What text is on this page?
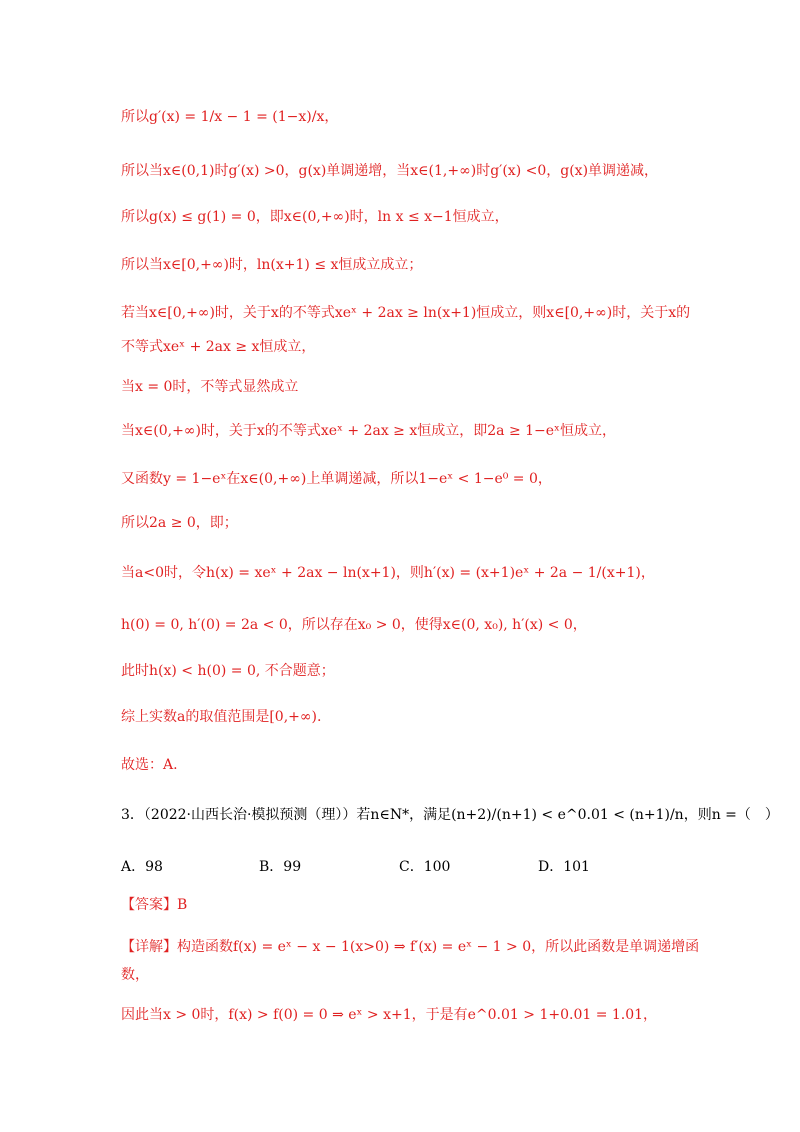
所以g′(x) = 1/x − 1 = (1−x)/x，
所以当x∈(0,1)时g′(x) >0，g(x)单调递增，当x∈(1,+∞)时g′(x) <0，g(x)单调递减，
所以g(x) ≤ g(1) = 0，即x∈(0,+∞)时，ln x ≤ x−1恒成立，
所以当x∈[0,+∞)时，ln(x+1) ≤ x恒成立成立；
若当x∈[0,+∞)时，关于x的不等式xeˣ + 2ax ≥ ln(x+1)恒成立，则x∈[0,+∞)时，关于x的
不等式xeˣ + 2ax ≥ x恒成立，
当x = 0时，不等式显然成立
当x∈(0,+∞)时，关于x的不等式xeˣ + 2ax ≥ x恒成立，即2a ≥ 1−eˣ恒成立，
又函数y = 1−eˣ在x∈(0,+∞)上单调递减，所以1−eˣ < 1−e⁰ = 0，
所以2a ≥ 0，即；
当a<0时，令h(x) = xeˣ + 2ax − ln(x+1)，则h′(x) = (x+1)eˣ + 2a − 1/(x+1)，
h(0) = 0, h′(0) = 2a < 0，所以存在x₀ > 0，使得x∈(0, x₀), h′(x) < 0，
此时h(x) < h(0) = 0, 不合题意；
综上实数a的取值范围是[0,+∞).
故选：A.
3．（2022·山西长治·模拟预测（理））若n∈N*，满足(n+2)/(n+1) < e^0.01 < (n+1)/n，则n =（　）
A．98	B．99	C．100	D．101
【答案】B
【详解】构造函数f(x) = eˣ − x − 1(x>0) ⇒ f′(x) = eˣ − 1 > 0，所以此函数是单调递增函
数，
因此当x > 0时，f(x) > f(0) = 0 ⇒ eˣ > x+1，于是有e^0.01 > 1+0.01 = 1.01，
